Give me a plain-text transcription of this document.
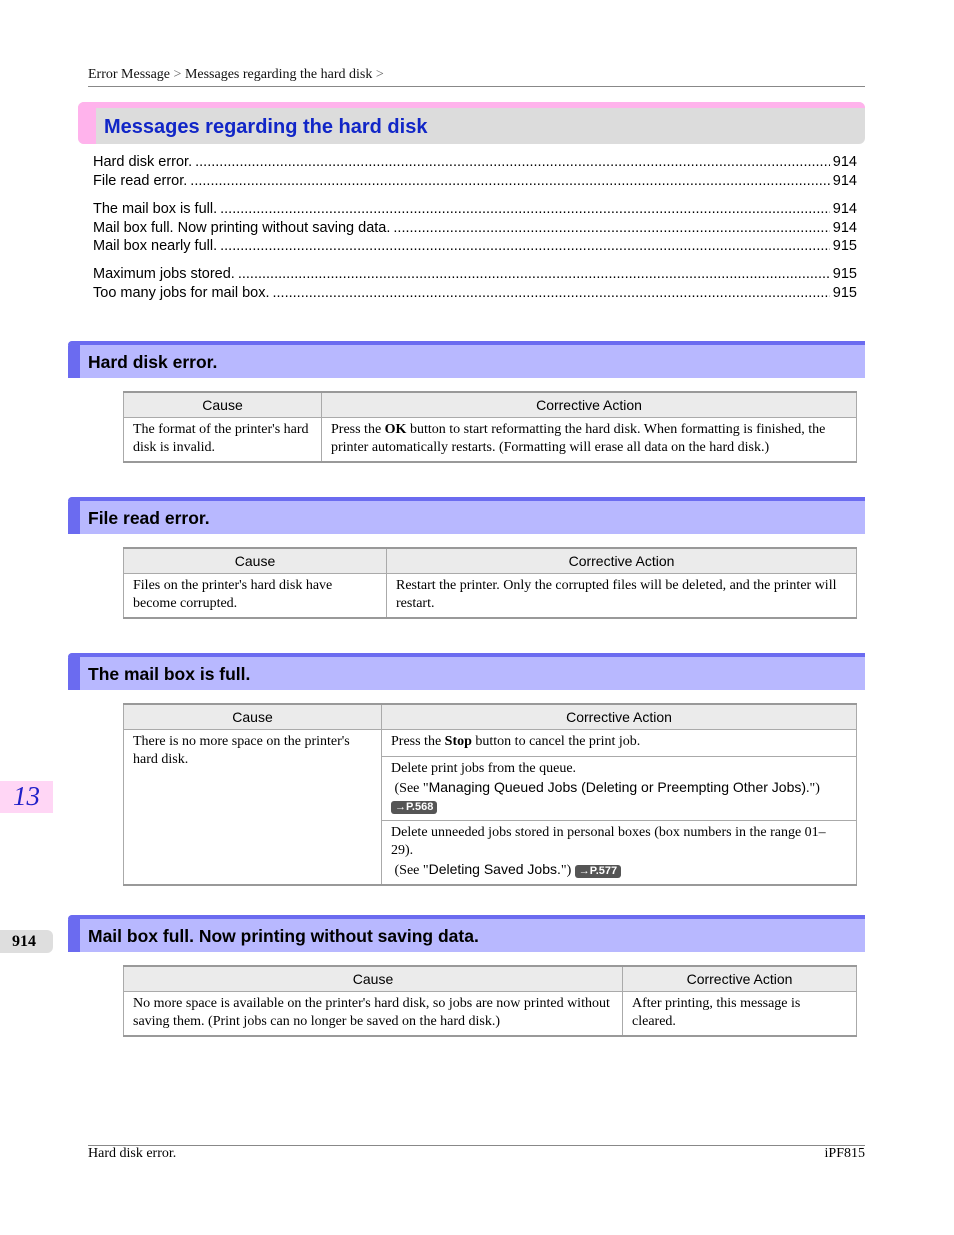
Error Message > Messages regarding the hard disk >
Messages regarding the hard disk
Hard disk error. .....	914
File read error. .....	914
The mail box is full. .....	914
Mail box full. Now printing without saving data. .....	914
Mail box nearly full. .....	915
Maximum jobs stored. .....	915
Too many jobs for mail box. .....	915
Hard disk error.
Cause	Corrective Action
The format of the printer's hard disk is invalid.	Press the OK button to start reformatting the hard disk. When formatting is finished, the printer automatically restarts. (Formatting will erase all data on the hard disk.)
File read error.
Cause	Corrective Action
Files on the printer's hard disk have become corrupted.	Restart the printer. Only the corrupted files will be deleted, and the printer will restart.
The mail box is full.
Cause	Corrective Action
There is no more space on the printer's hard disk.	Press the Stop button to cancel the print job.

	Delete print jobs from the queue.
(See "Managing Queued Jobs (Deleting or Preempting Other Jobs).")
→P.568

	Delete unneeded jobs stored in personal boxes (box numbers in the range 01–29).
(See "Deleting Saved Jobs.") →P.577
Mail box full. Now printing without saving data.
Cause	Corrective Action
No more space is available on the printer's hard disk, so jobs are now printed without saving them. (Print jobs can no longer be saved on the hard disk.)	After printing, this message is cleared.
13
914
Hard disk error.	iPF815
